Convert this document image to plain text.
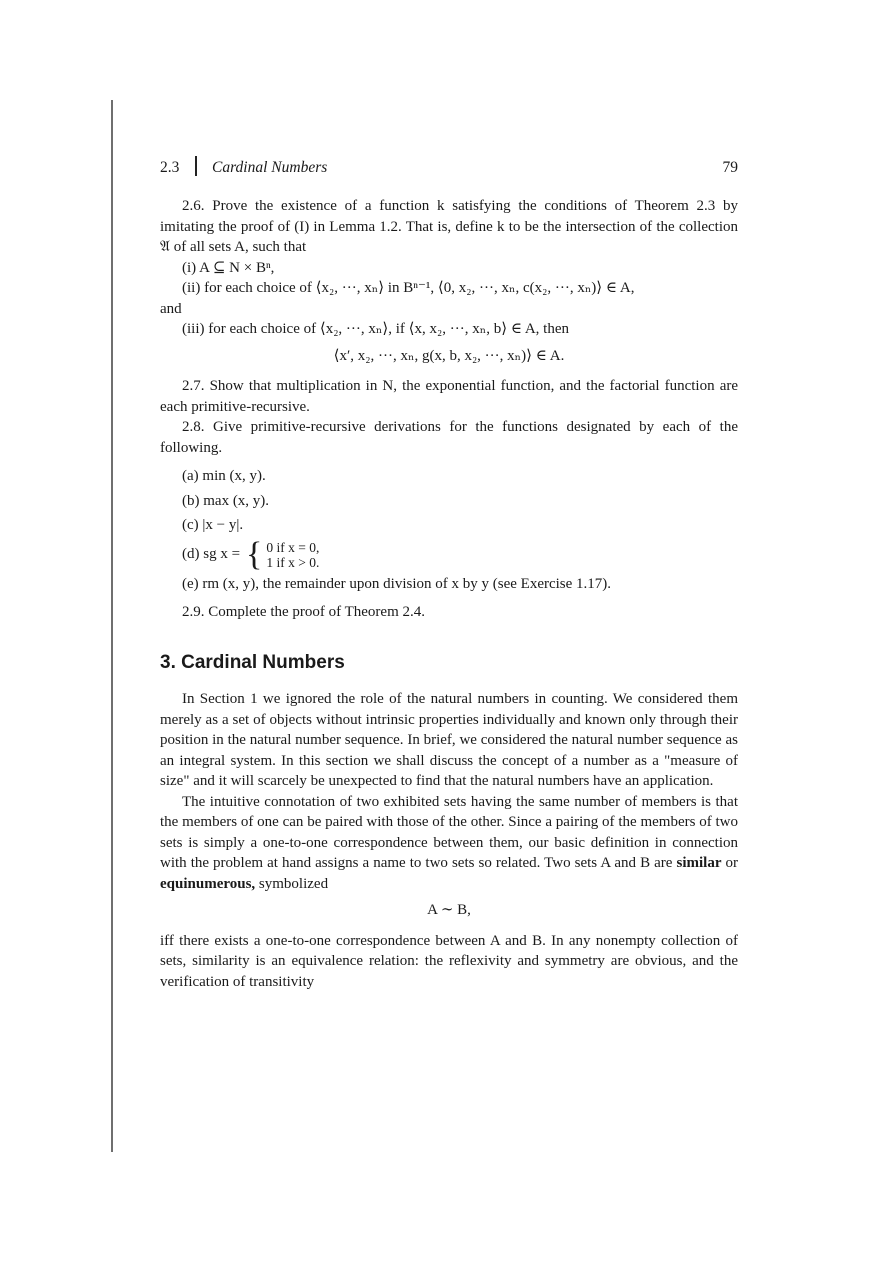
2.3 Cardinal Numbers	79

2.6. Prove the existence of a function k satisfying the conditions of Theorem 2.3 by imitating the proof of (I) in Lemma 1.2. That is, define k to be the intersection of the collection 𝔄 of all sets A, such that

(i) A ⊆ N × Bⁿ,

(ii) for each choice of ⟨x₂, ···, xₙ⟩ in Bⁿ⁻¹, ⟨0, x₂, ···, xₙ, c(x₂, ···, xₙ)⟩ ∈ A,

and

(iii) for each choice of ⟨x₂, ···, xₙ⟩, if ⟨x, x₂, ···, xₙ, b⟩ ∈ A, then

⟨x′, x₂, ···, xₙ, g(x, b, x₂, ···, xₙ)⟩ ∈ A.

2.7. Show that multiplication in N, the exponential function, and the factorial function are each primitive-recursive.

2.8. Give primitive-recursive derivations for the functions designated by each of the following.

(a) min (x, y).
(b) max (x, y).
(c) |x − y|.
(d) sg x = { 0 if x = 0,
1 if x > 0.
(e) rm (x, y), the remainder upon division of x by y (see Exercise 1.17).

2.9. Complete the proof of Theorem 2.4.

3. Cardinal Numbers

In Section 1 we ignored the role of the natural numbers in counting. We considered them merely as a set of objects without intrinsic properties individually and known only through their position in the natural number sequence. In brief, we considered the natural number sequence as an integral system. In this section we shall discuss the concept of a number as a "measure of size" and it will scarcely be unexpected to find that the natural numbers have an application.

The intuitive connotation of two exhibited sets having the same number of members is that the members of one can be paired with those of the other. Since a pairing of the members of two sets is simply a one-to-one correspondence between them, our basic definition in connection with the problem at hand assigns a name to two sets so related. Two sets A and B are similar or equinumerous, symbolized

A ∼ B,

iff there exists a one-to-one correspondence between A and B. In any nonempty collection of sets, similarity is an equivalence relation: the reflexivity and symmetry are obvious, and the verification of transitivity
